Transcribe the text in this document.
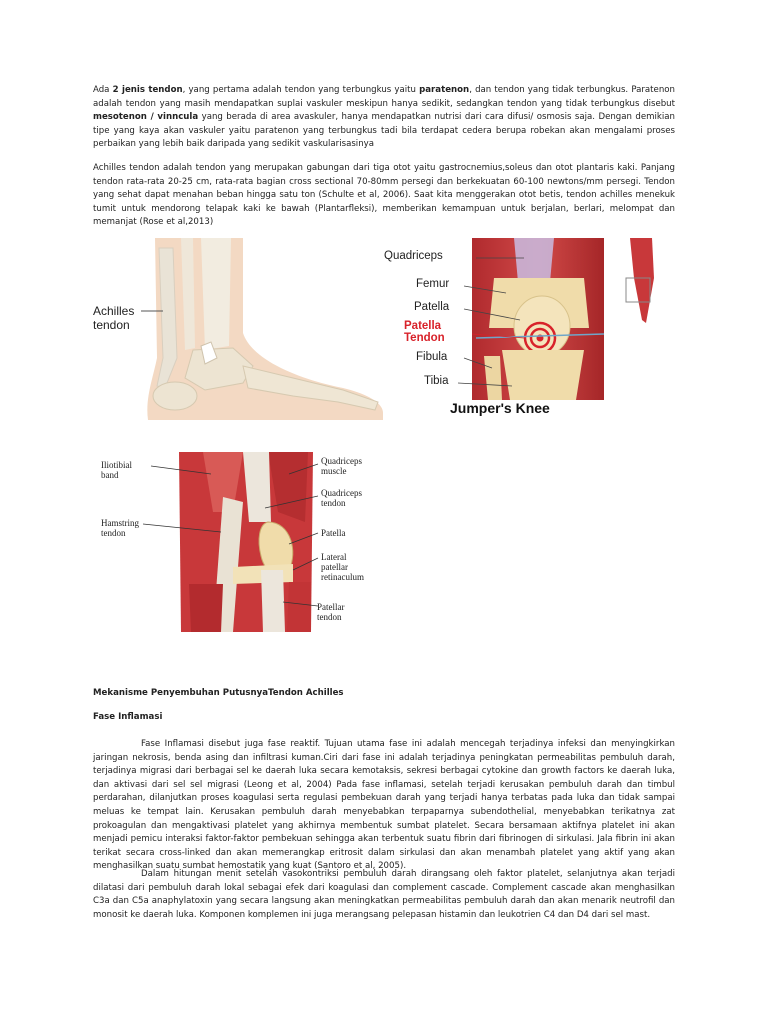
Ada 2 jenis tendon, yang pertama adalah tendon yang terbungkus yaitu paratenon, dan tendon yang tidak terbungkus. Paratenon adalah tendon yang masih mendapatkan suplai vaskuler meskipun hanya sedikit, sedangkan tendon yang tidak terbungkus disebut mesotenon / vinncula yang berada di area avaskuler, hanya mendapatkan nutrisi dari cara difusi/ osmosis saja. Dengan demikian tipe yang kaya akan vaskuler yaitu paratenon yang terbungkus tadi bila terdapat cedera berupa robekan akan mengalami proses perbaikan yang lebih baik daripada yang sedikit vaskularisasinya

Achilles tendon adalah tendon yang merupakan gabungan dari tiga otot yaitu gastrocnemius,soleus dan otot plantaris kaki. Panjang tendon rata-rata 20-25 cm, rata-rata bagian cross sectional 70-80mm persegi dan berkekuatan 60-100 newtons/mm persegi. Tendon yang sehat dapat menahan beban hingga satu ton (Schulte et al, 2006). Saat kita menggerakan otot betis, tendon achilles menekuk tumit untuk mendorong telapak kaki ke bawah (Plantarfleksi), memberikan kemampuan untuk berjalan, berlari, melompat dan memanjat (Rose et al,2013)

Achilles
tendon
Quadriceps
Femur
Patella
Patella
Tendon
Fibula
Tibia
Jumper's Knee
Iliotibial
band
Hamstring
tendon
Quadriceps
muscle
Quadriceps
tendon
Patella
Lateral
patellar
retinaculum
Patellar
tendon
Mekanisme Penyembuhan PutusnyaTendon Achilles
Fase Inflamasi

Fase Inflamasi disebut juga fase reaktif. Tujuan utama fase ini adalah mencegah terjadinya infeksi dan menyingkirkan jaringan nekrosis, benda asing dan infiltrasi kuman.Ciri dari fase ini adalah terjadinya peningkatan permeabilitas pembuluh darah, terjadinya migrasi dari berbagai sel ke daerah luka secara kemotaksis, sekresi berbagai cytokine dan growth factors ke daerah luka, dan aktivasi dari sel sel migrasi (Leong et al, 2004) Pada fase inflamasi, setelah terjadi kerusakan pembuluh darah dan timbul perdarahan, dilanjutkan proses koagulasi serta regulasi pembekuan darah yang terjadi hanya terbatas pada luka dan tidak sampai meluas ke tempat lain. Kerusakan pembuluh darah menyebabkan terpaparnya subendothelial, menyebabkan terikatnya zat prokoagulan dan mengaktivasi platelet yang akhirnya membentuk sumbat platelet. Secara bersamaan aktifnya platelet ini akan menjadi pemicu interaksi faktor-faktor pembekuan sehingga akan terbentuk suatu fibrin dari fibrinogen di sirkulasi. Jala fibrin ini akan terikat secara cross-linked dan akan memerangkap eritrosit dalam sirkulasi dan akan menambah platelet yang aktif yang akan menghasilkan suatu sumbat hemostatik yang kuat (Santoro et al, 2005).

Dalam hitungan menit setelah vasokontriksi pembuluh darah dirangsang oleh faktor platelet, selanjutnya akan terjadi dilatasi dari pembuluh darah lokal sebagai efek dari koagulasi dan complement cascade. Complement cascade akan menghasilkan C3a dan C5a anaphylatoxin yang secara langsung akan meningkatkan permeabilitas pembuluh darah dan akan menarik neutrofil dan monosit ke daerah luka. Komponen komplemen ini juga merangsang pelepasan histamin dan leukotrien C4 dan D4 dari sel mast.
